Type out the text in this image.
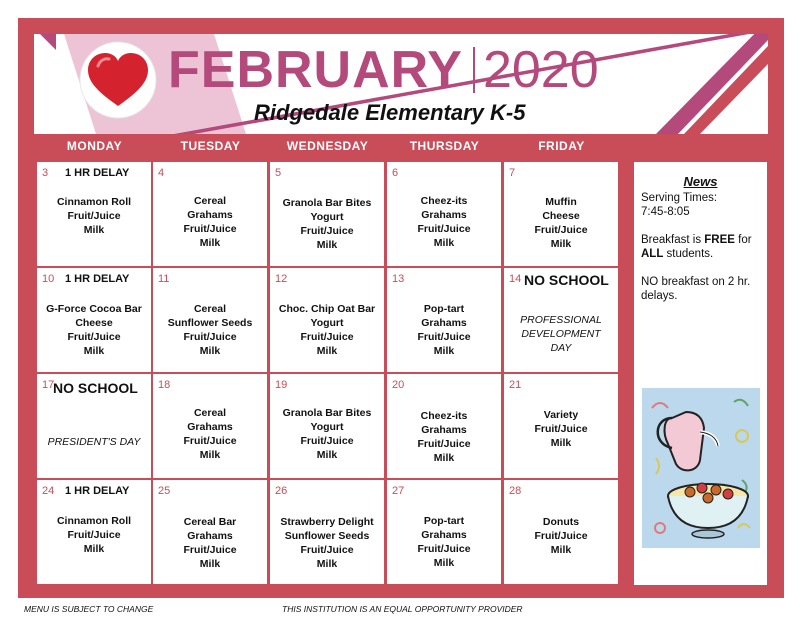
FEBRUARY 2020
Ridgedale Elementary K-5
MONDAY	TUESDAY	WEDNESDAY	THURSDAY	FRIDAY
3 1 HR DELAY
Cinnamon Roll
Fruit/Juice
Milk
4
Cereal
Grahams
Fruit/Juice
Milk
5
Granola Bar Bites
Yogurt
Fruit/Juice
Milk
6
Cheez-its
Grahams
Fruit/Juice
Milk
7
Muffin
Cheese
Fruit/Juice
Milk
10 1 HR DELAY
G-Force Cocoa Bar
Cheese
Fruit/Juice
Milk
11
Cereal
Sunflower Seeds
Fruit/Juice
Milk
12
Choc. Chip Oat Bar
Yogurt
Fruit/Juice
Milk
13
Pop-tart
Grahams
Fruit/Juice
Milk
14 NO SCHOOL
PROFESSIONAL
DEVELOPMENT
DAY
17
NO SCHOOL
PRESIDENT'S DAY
18
Cereal
Grahams
Fruit/Juice
Milk
19
Granola Bar Bites
Yogurt
Fruit/Juice
Milk
20
Cheez-its
Grahams
Fruit/Juice
Milk
21
Variety
Fruit/Juice
Milk
24 1 HR DELAY
Cinnamon Roll
Fruit/Juice
Milk
25
Cereal Bar
Grahams
Fruit/Juice
Milk
26
Strawberry Delight
Sunflower Seeds
Fruit/Juice
Milk
27
Pop-tart
Grahams
Fruit/Juice
Milk
28
Donuts
Fruit/Juice
Milk
News
Serving Times:
7:45-8:05
Breakfast is FREE for ALL students.
NO breakfast on 2 hr. delays.
MENU IS SUBJECT TO CHANGE	THIS INSTITUTION IS AN EQUAL OPPORTUNITY PROVIDER
